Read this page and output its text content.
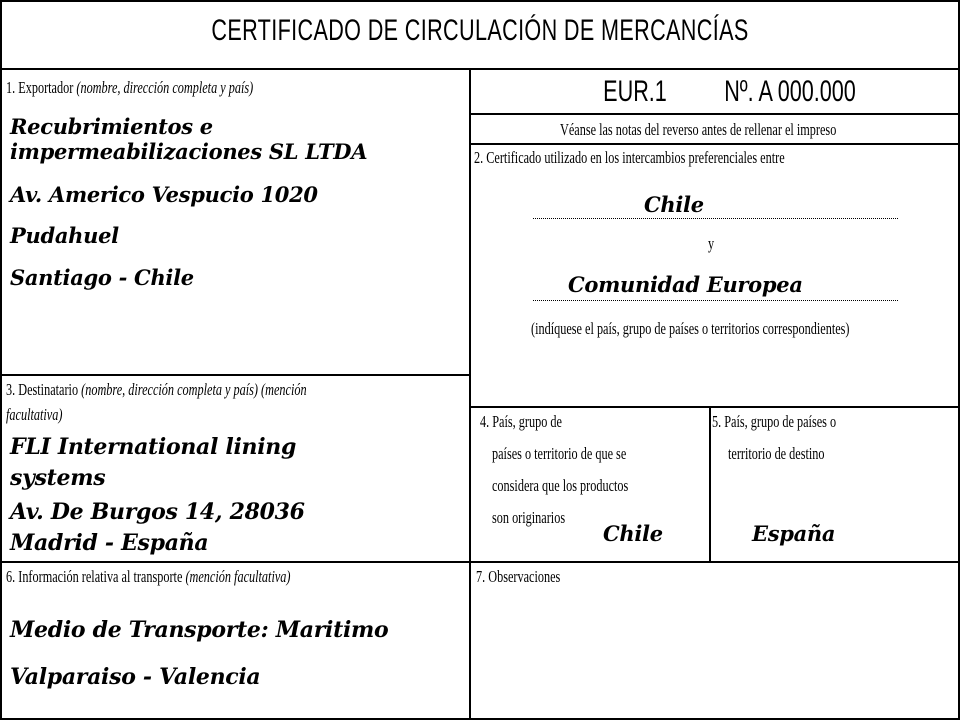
CERTIFICADO DE CIRCULACIÓN DE MERCANCÍAS
1. Exportador (nombre, dirección completa y país)
Recubrimientos e
impermeabilizaciones SL LTDA
Av. Americo Vespucio 1020
Pudahuel
Santiago - Chile
EUR.1	Nº. A 000.000
Véanse las notas del reverso antes de rellenar el impreso
2. Certificado utilizado en los intercambios preferenciales entre
Chile
y
Comunidad Europea
(indíquese el país, grupo de países o territorios correspondientes)
3. Destinatario (nombre, dirección completa y país) (mención
facultativa)
FLI International lining
systems
Av. De Burgos 14, 28036
Madrid - España
4. País, grupo de
países o territorio de que se
considera que los productos
son originarios
Chile
5. País, grupo de países o
territorio de destino
España
6. Información relativa al transporte (mención facultativa)
Medio de Transporte: Maritimo
Valparaiso - Valencia
7. Observaciones
